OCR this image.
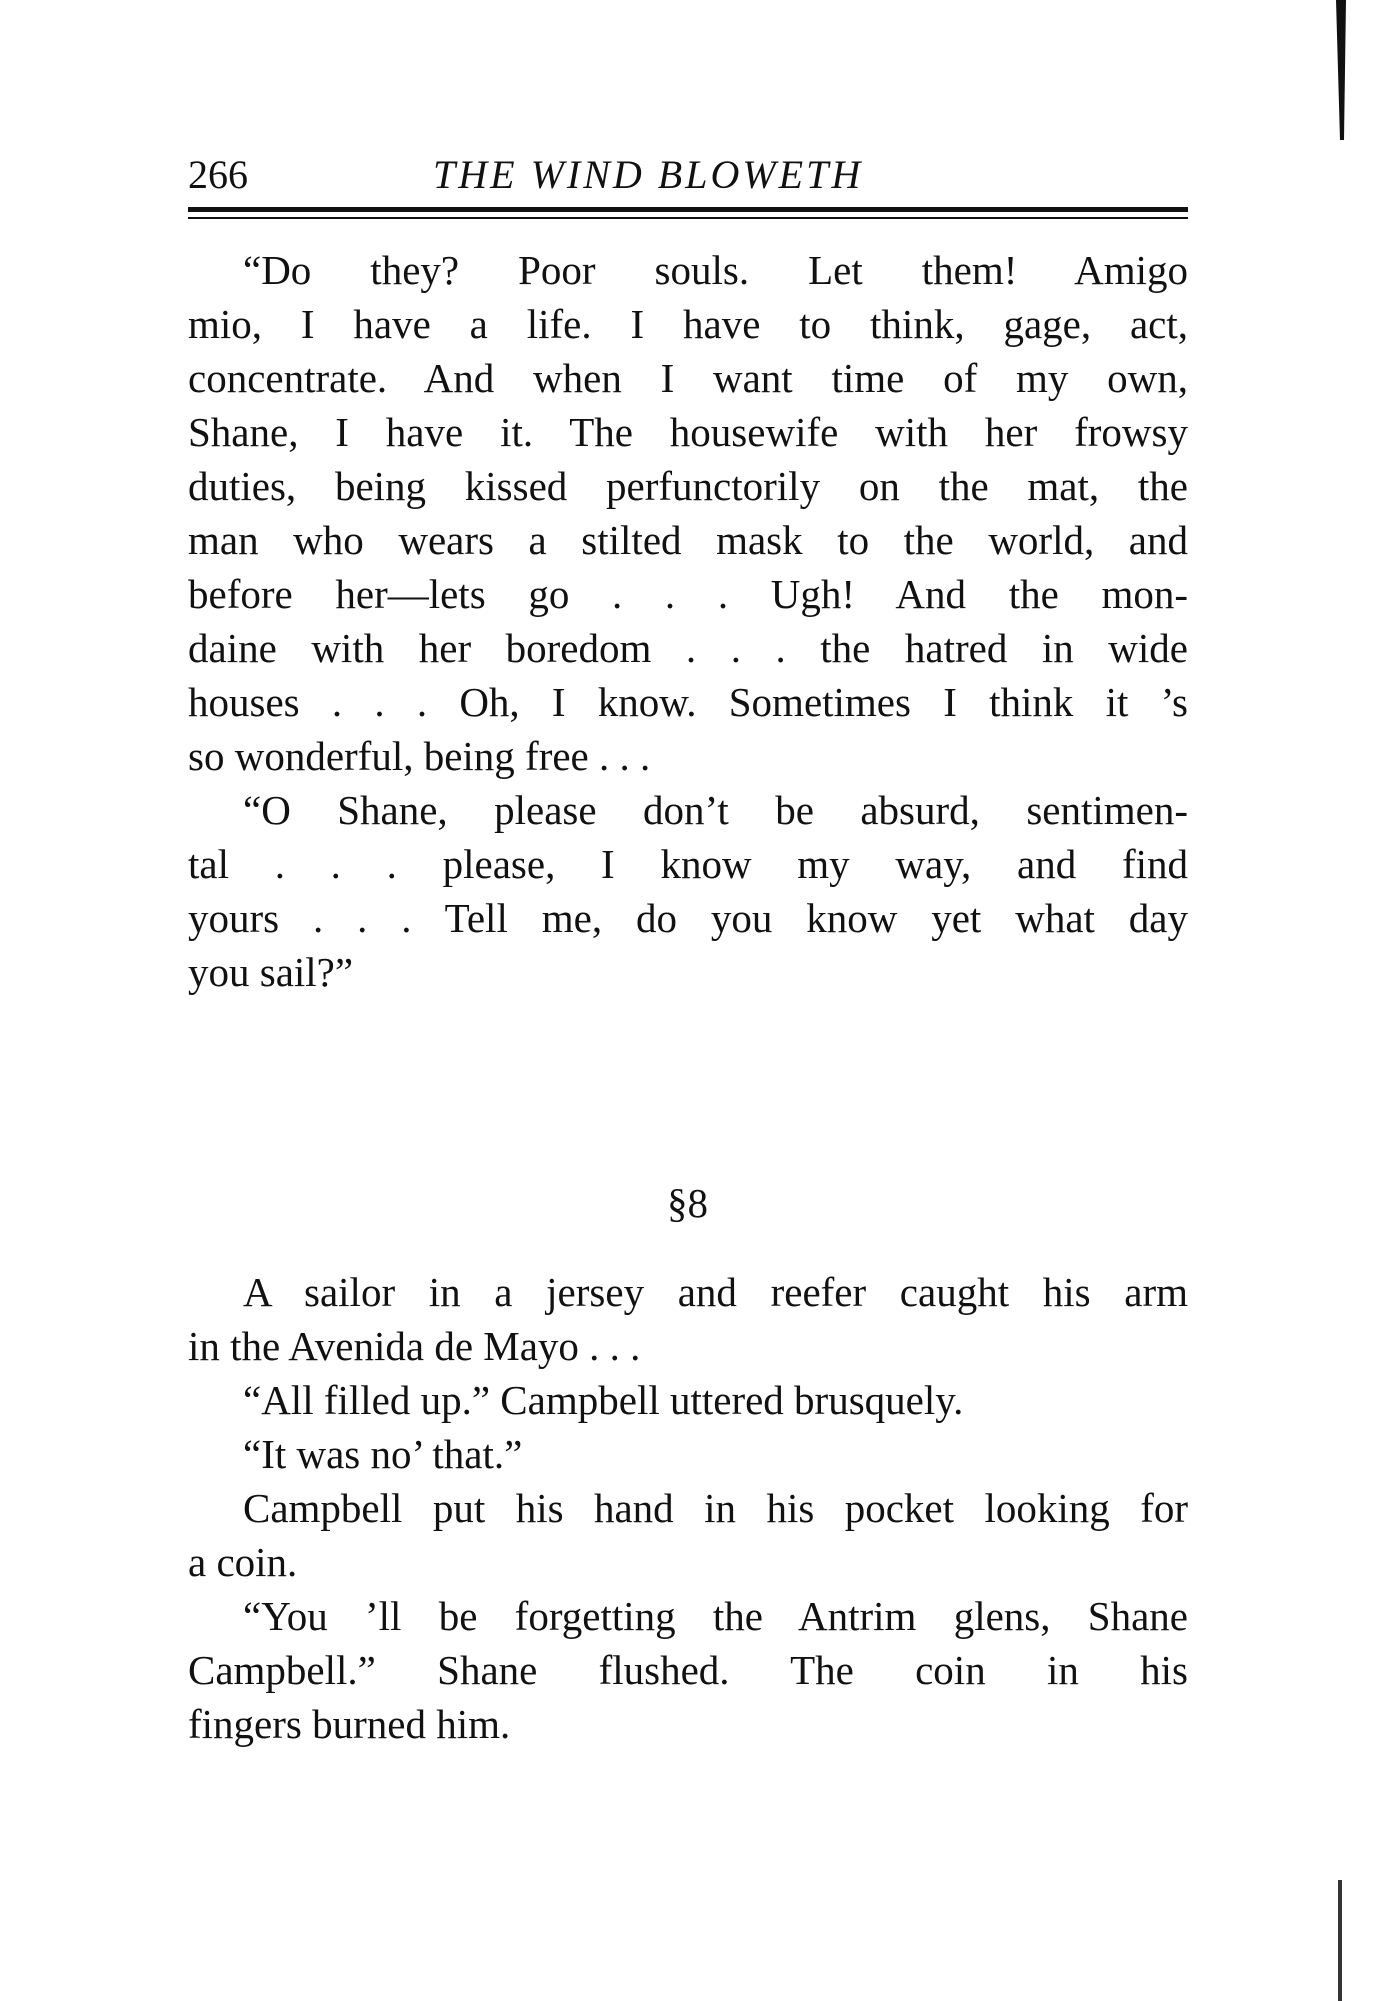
266	THE WIND BLOWETH
“Do they? Poor souls. Let them! Amigo
mio, I have a life. I have to think, gage, act,
concentrate. And when I want time of my own,
Shane, I have it. The housewife with her frowsy
duties, being kissed perfunctorily on the mat, the
man who wears a stilted mask to the world, and
before her—lets go . . . Ugh! And the mon-
daine with her boredom . . . the hatred in wide
houses . . . Oh, I know. Sometimes I think it ’s
so wonderful, being free . . .
“O Shane, please don’t be absurd, sentimen-
tal . . . please, I know my way, and find
yours . . . Tell me, do you know yet what day
you sail?”
§8
A sailor in a jersey and reefer caught his arm
in the Avenida de Mayo . . .
“All filled up.” Campbell uttered brusquely.
“It was no’ that.”
Campbell put his hand in his pocket looking for
a coin.
“You ’ll be forgetting the Antrim glens, Shane
Campbell.” Shane flushed. The coin in his
fingers burned him.
